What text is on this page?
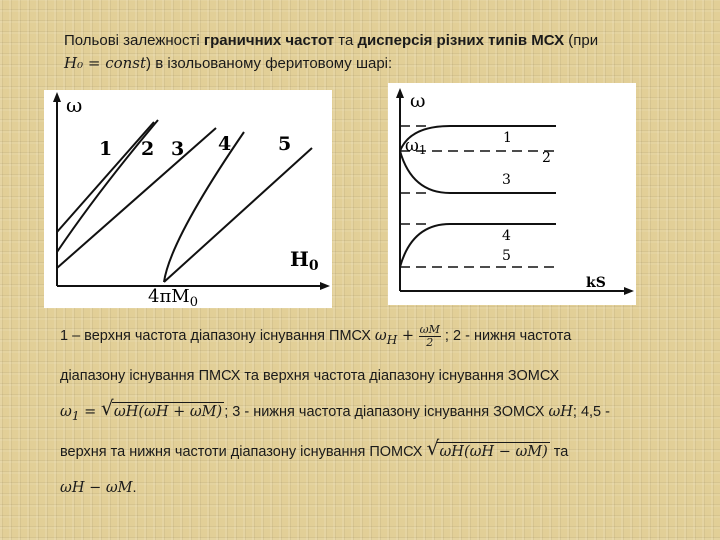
Польові залежності граничних частот та дисперсія різних типів МСХ (при
H₀ = const) в ізольованому феритовому шарі:
ω
1 2 3 4 5
$H_0$
$4\pi M_0$
ω
ω1
1
2
3
4
5
kS
1 – верхня частота діапазону існування ПМСХ $\omega_H + \frac{\omega M}{2}$ ; 2 - нижня частота
діапазону існування ПМСХ та верхня частота діапазону існування ЗОМСХ
$\omega_1$ = √ ωH(ωH + ωM) ; 3 - нижня частота діапазону існування ЗОМСХ ωH; 4,5 -
верхня та нижня частоти діапазону існування ПОМСХ √ ωH(ωH − ωM) та
ωH − ωM.
